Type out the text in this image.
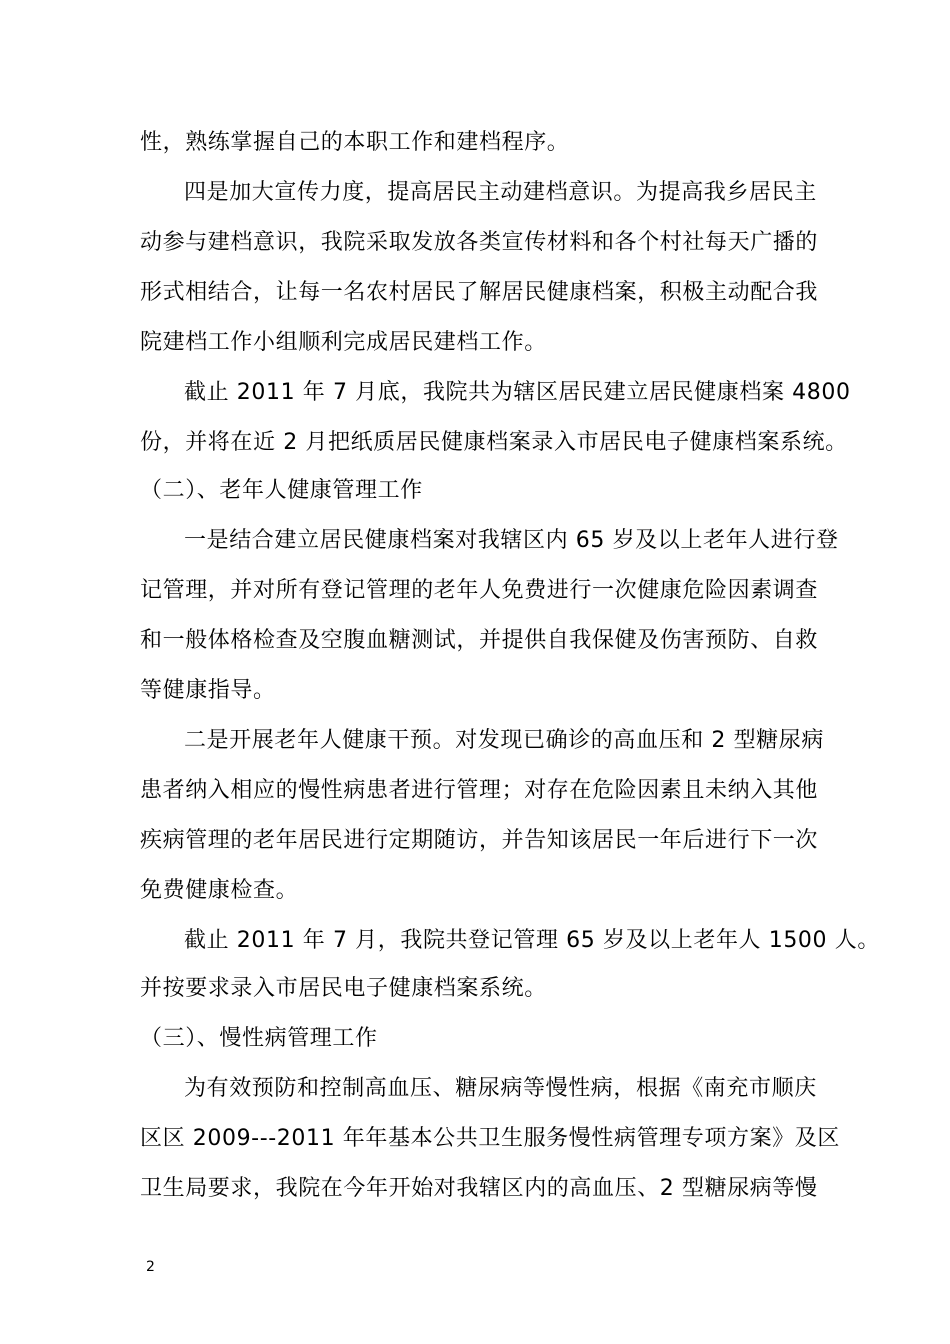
性，熟练掌握自己的本职工作和建档程序。
四是加大宣传力度，提高居民主动建档意识。为提高我乡居民主
动参与建档意识，我院采取发放各类宣传材料和各个村社每天广播的
形式相结合，让每一名农村居民了解居民健康档案，积极主动配合我
院建档工作小组顺利完成居民建档工作。
截止 2011 年 7 月底，我院共为辖区居民建立居民健康档案 4800
份，并将在近 2 月把纸质居民健康档案录入市居民电子健康档案系统。
（二）、老年人健康管理工作
一是结合建立居民健康档案对我辖区内 65 岁及以上老年人进行登
记管理，并对所有登记管理的老年人免费进行一次健康危险因素调查
和一般体格检查及空腹血糖测试，并提供自我保健及伤害预防、自救
等健康指导。
二是开展老年人健康干预。对发现已确诊的高血压和 2 型糖尿病
患者纳入相应的慢性病患者进行管理；对存在危险因素且未纳入其他
疾病管理的老年居民进行定期随访，并告知该居民一年后进行下一次
免费健康检查。
截止 2011 年 7 月，我院共登记管理 65 岁及以上老年人 1500 人。
并按要求录入市居民电子健康档案系统。
（三）、慢性病管理工作
为有效预防和控制高血压、糖尿病等慢性病，根据《南充市顺庆
区区 2009---2011 年年基本公共卫生服务慢性病管理专项方案》及区
卫生局要求，我院在今年开始对我辖区内的高血压、2 型糖尿病等慢
2
